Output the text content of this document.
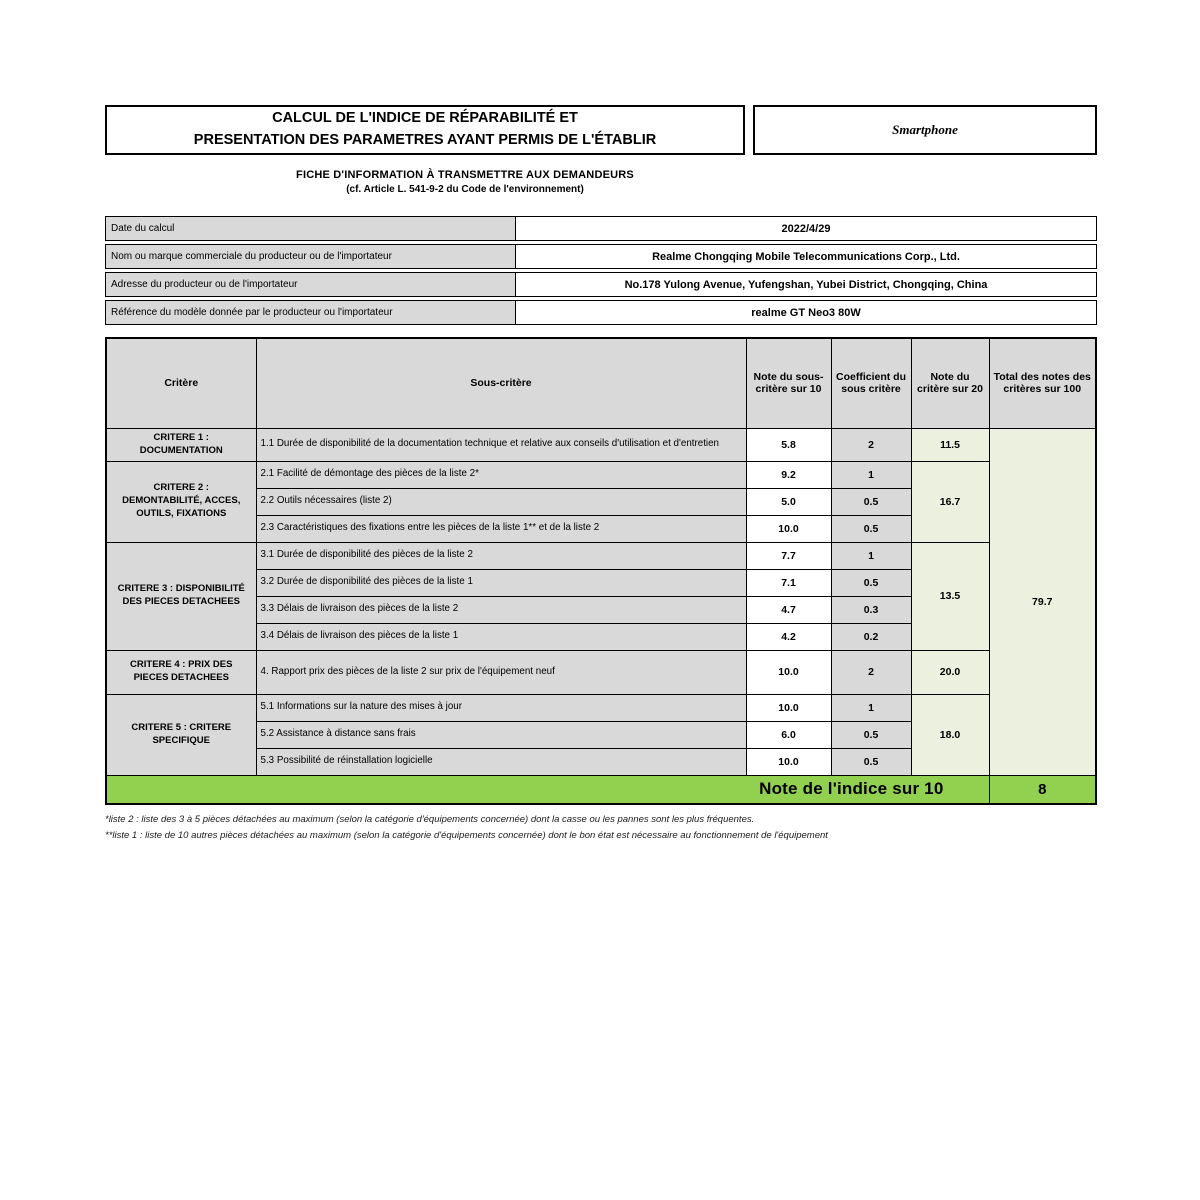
CALCUL DE L'INDICE DE RÉPARABILITÉ ET
PRESENTATION DES PARAMETRES AYANT PERMIS DE L'ÉTABLIR
Smartphone
FICHE D'INFORMATION À TRANSMETTRE AUX DEMANDEURS
(cf. Article L. 541-9-2 du Code de l'environnement)
Date du calcul	2022/4/29
Nom ou marque commerciale du producteur ou de l'importateur	Realme Chongqing Mobile Telecommunications Corp., Ltd.
Adresse du producteur ou de l'importateur	No.178 Yulong Avenue, Yufengshan, Yubei District, Chongqing, China
Référence du modèle donnée par le producteur ou l'importateur	realme GT Neo3 80W
Critère	Sous-critère	Note du sous-critère sur 10	Coefficient du sous critère	Note du critère sur 20	Total des notes des critères sur 100
CRITERE 1 : DOCUMENTATION	1.1 Durée de disponibilité de la documentation technique et relative aux conseils d'utilisation et d'entretien	5.8	2	11.5	79.7
CRITERE 2 : DEMONTABILITÉ, ACCES, OUTILS, FIXATIONS	2.1 Facilité de démontage des pièces de la liste 2*	9.2	1	16.7	
	2.2 Outils nécessaires (liste 2)	5.0	0.5		
	2.3 Caractéristiques des fixations entre les pièces de la liste 1** et de la liste 2	10.0	0.5		
CRITERE 3 : DISPONIBILITÉ DES PIECES DETACHEES	3.1 Durée de disponibilité des pièces de la liste 2	7.7	1	13.5	
	3.2 Durée de disponibilité des pièces de la liste 1	7.1	0.5		
	3.3 Délais de livraison des pièces de la liste 2	4.7	0.3		
	3.4 Délais de livraison des pièces de la liste 1	4.2	0.2		
CRITERE 4 : PRIX DES PIECES DETACHEES	4. Rapport prix des pièces de la liste 2 sur prix de l'équipement neuf	10.0	2	20.0	
CRITERE 5 : CRITERE SPECIFIQUE	5.1 Informations sur la nature des mises à jour	10.0	1	18.0	
	5.2 Assistance à distance sans frais	6.0	0.5		
	5.3 Possibilité de réinstallation logicielle	10.0	0.5		
Note de l'indice sur 10					8
*liste 2 : liste des 3 à 5 pièces détachées au maximum (selon la catégorie d'équipements concernée) dont la casse ou les pannes sont les plus fréquentes.
**liste 1 : liste de 10 autres pièces détachées au maximum (selon la catégorie d'équipements concernée) dont le bon état est nécessaire au fonctionnement de l'équipement
